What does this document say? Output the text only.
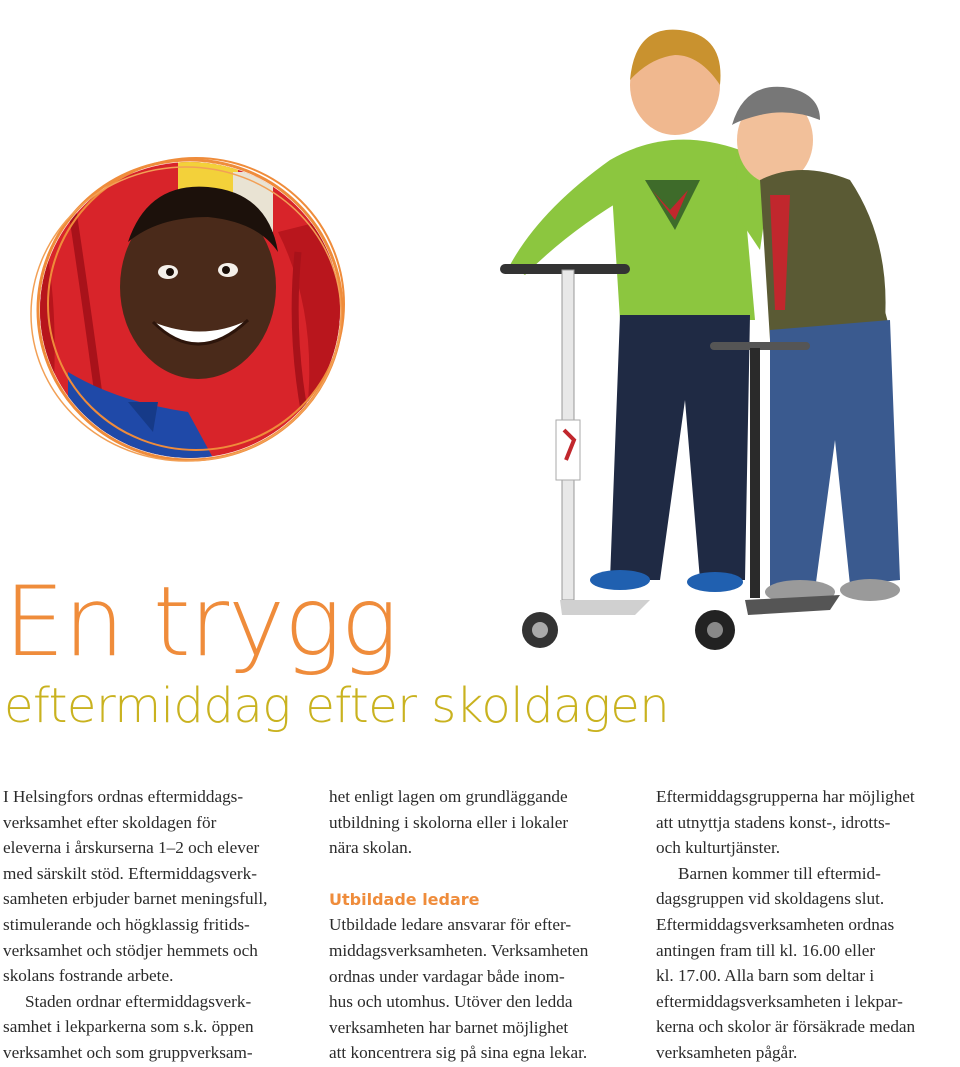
En trygg
eftermiddag efter skoldagen

I Helsingfors ordnas eftermiddags-
verksamhet efter skoldagen för
eleverna i årskurserna 1–2 och elever
med särskilt stöd. Eftermiddagsverk-
samheten erbjuder barnet meningsfull,
stimulerande och högklassig fritids-
verksamhet och stödjer hemmets och
skolans fostrande arbete.

Staden ordnar eftermiddagsverk-
samhet i lekparkerna som s.k. öppen
verksamhet och som gruppverksam-

het enligt lagen om grundläggande
utbildning i skolorna eller i lokaler
nära skolan.

Utbildade ledare

Utbildade ledare ansvarar för efter-
middagsverksamheten. Verksamheten
ordnas under vardagar både inom-
hus och utomhus. Utöver den ledda
verksamheten har barnet möjlighet
att koncentrera sig på sina egna lekar.

Eftermiddagsgrupperna har möjlighet
att utnyttja stadens konst-, idrotts-
och kulturtjänster.

Barnen kommer till eftermid-
dagsgruppen vid skoldagens slut.
Eftermiddagsverksamheten ordnas
antingen fram till kl. 16.00 eller
kl. 17.00. Alla barn som deltar i
eftermiddagsverksamheten i lekpar-
kerna och skolor är försäkrade medan
verksamheten pågår.
